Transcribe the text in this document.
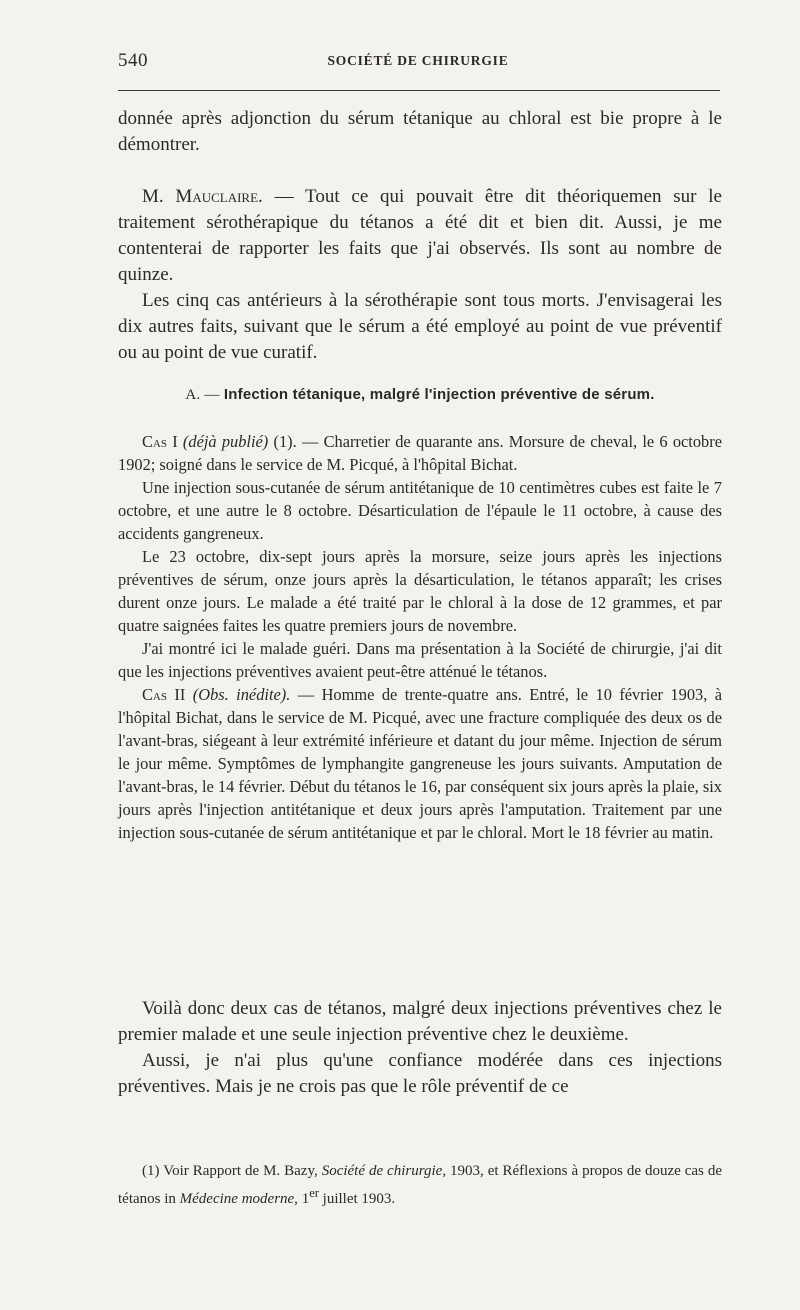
540	SOCIÉTÉ DE CHIRURGIE

donnée après adjonction du sérum tétanique au chloral est bie propre à le démontrer.

M. Mauclaire. — Tout ce qui pouvait être dit théoriquemen sur le traitement sérothérapique du tétanos a été dit et bien dit. Aussi, je me contenterai de rapporter les faits que j'ai observés. Ils sont au nombre de quinze.

Les cinq cas antérieurs à la sérothérapie sont tous morts. J'envisagerai les dix autres faits, suivant que le sérum a été employé au point de vue préventif ou au point de vue curatif.

A. — Infection tétanique, malgré l'injection préventive de sérum.

Cas I (déjà publié) (1). — Charretier de quarante ans. Morsure de cheval, le 6 octobre 1902; soigné dans le service de M. Picqué, à l'hôpital Bichat.

Une injection sous-cutanée de sérum antitétanique de 10 centimètres cubes est faite le 7 octobre, et une autre le 8 octobre. Désarticulation de l'épaule le 11 octobre, à cause des accidents gangreneux.

Le 23 octobre, dix-sept jours après la morsure, seize jours après les injections préventives de sérum, onze jours après la désarticulation, le tétanos apparaît; les crises durent onze jours. Le malade a été traité par le chloral à la dose de 12 grammes, et par quatre saignées faites les quatre premiers jours de novembre.

J'ai montré ici le malade guéri. Dans ma présentation à la Société de chirurgie, j'ai dit que les injections préventives avaient peut-être atténué le tétanos.

Cas II (Obs. inédite). — Homme de trente-quatre ans. Entré, le 10 février 1903, à l'hôpital Bichat, dans le service de M. Picqué, avec une fracture compliquée des deux os de l'avant-bras, siégeant à leur extrémité inférieure et datant du jour même. Injection de sérum le jour même. Symptômes de lymphangite gangreneuse les jours suivants. Amputation de l'avant-bras, le 14 février. Début du tétanos le 16, par conséquent six jours après la plaie, six jours après l'injection antitétanique et deux jours après l'amputation. Traitement par une injection sous-cutanée de sérum antitétanique et par le chloral. Mort le 18 février au matin.

Voilà donc deux cas de tétanos, malgré deux injections préventives chez le premier malade et une seule injection préventive chez le deuxième.

Aussi, je n'ai plus qu'une confiance modérée dans ces injections préventives. Mais je ne crois pas que le rôle préventif de ce

(1) Voir Rapport de M. Bazy, Société de chirurgie, 1903, et Réflexions à propos de douze cas de tétanos in Médecine moderne, 1er juillet 1903.
